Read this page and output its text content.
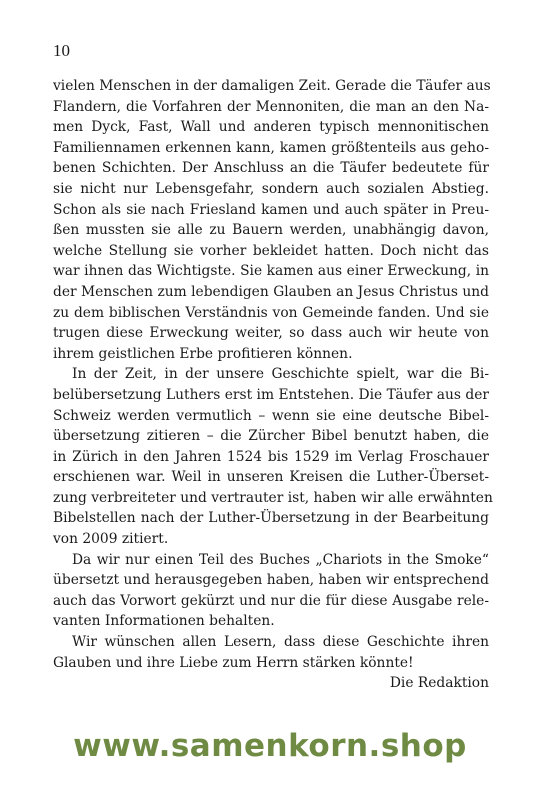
10
vielen Menschen in der damaligen Zeit. Gerade die Täufer aus
Flandern, die Vorfahren der Mennoniten, die man an den Na-
men Dyck, Fast, Wall und anderen typisch mennonitischen
Familiennamen erkennen kann, kamen größtenteils aus geho-
benen Schichten. Der Anschluss an die Täufer bedeutete für
sie nicht nur Lebensgefahr, sondern auch sozialen Abstieg.
Schon als sie nach Friesland kamen und auch später in Preu-
ßen mussten sie alle zu Bauern werden, unabhängig davon,
welche Stellung sie vorher bekleidet hatten. Doch nicht das
war ihnen das Wichtigste. Sie kamen aus einer Erweckung, in
der Menschen zum lebendigen Glauben an Jesus Christus und
zu dem biblischen Verständnis von Gemeinde fanden. Und sie
trugen diese Erweckung weiter, so dass auch wir heute von
ihrem geistlichen Erbe profitieren können.
In der Zeit, in der unsere Geschichte spielt, war die Bi-
belübersetzung Luthers erst im Entstehen. Die Täufer aus der
Schweiz werden vermutlich – wenn sie eine deutsche Bibel-
übersetzung zitieren – die Zürcher Bibel benutzt haben, die
in Zürich in den Jahren 1524 bis 1529 im Verlag Froschauer
erschienen war. Weil in unseren Kreisen die Luther-Überset-
zung verbreiteter und vertrauter ist, haben wir alle erwähnten
Bibelstellen nach der Luther-Übersetzung in der Bearbeitung
von 2009 zitiert.
Da wir nur einen Teil des Buches „Chariots in the Smoke“
übersetzt und herausgegeben haben, haben wir entsprechend
auch das Vorwort gekürzt und nur die für diese Ausgabe rele-
vanten Informationen behalten.
Wir wünschen allen Lesern, dass diese Geschichte ihren
Glauben und ihre Liebe zum Herrn stärken könnte!
Die Redaktion
www.samenkorn.shop
